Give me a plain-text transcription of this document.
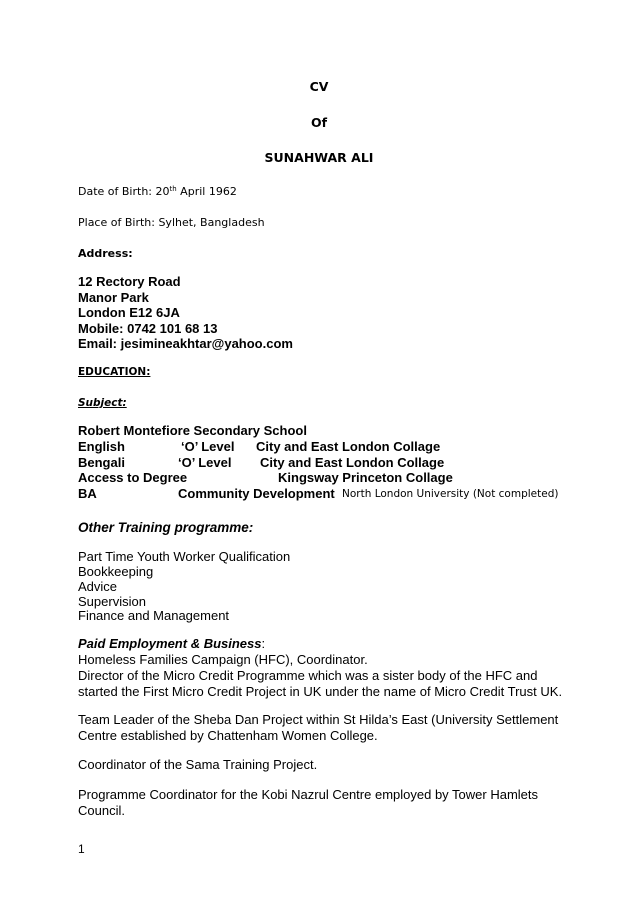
CV
Of
SUNAHWAR ALI
Date of Birth: 20th April 1962
Place of Birth: Sylhet, Bangladesh
Address:
12 Rectory Road
Manor Park
London E12 6JA
Mobile: 0742 101 68 13
Email: jesimineakhtar@yahoo.com
EDUCATION:
Subject:
Robert Montefiore Secondary School
English	‘O’ Level City and East London Collage
Bengali	‘O’ Level City and East London Collage
Access to Degree	Kingsway Princeton Collage
BA	Community Development North London University (Not completed)
Other Training programme:
Part Time Youth Worker Qualification
Bookkeeping
Advice
Supervision
Finance and Management
Paid Employment & Business:
Homeless Families Campaign (HFC), Coordinator.
Director of the Micro Credit Programme which was a sister body of the HFC and
started the First Micro Credit Project in UK under the name of Micro Credit Trust UK.
Team Leader of the Sheba Dan Project within St Hilda’s East (University Settlement
Centre established by Chattenham Women College.
Coordinator of the Sama Training Project.
Programme Coordinator for the Kobi Nazrul Centre employed by Tower Hamlets
Council.
1
